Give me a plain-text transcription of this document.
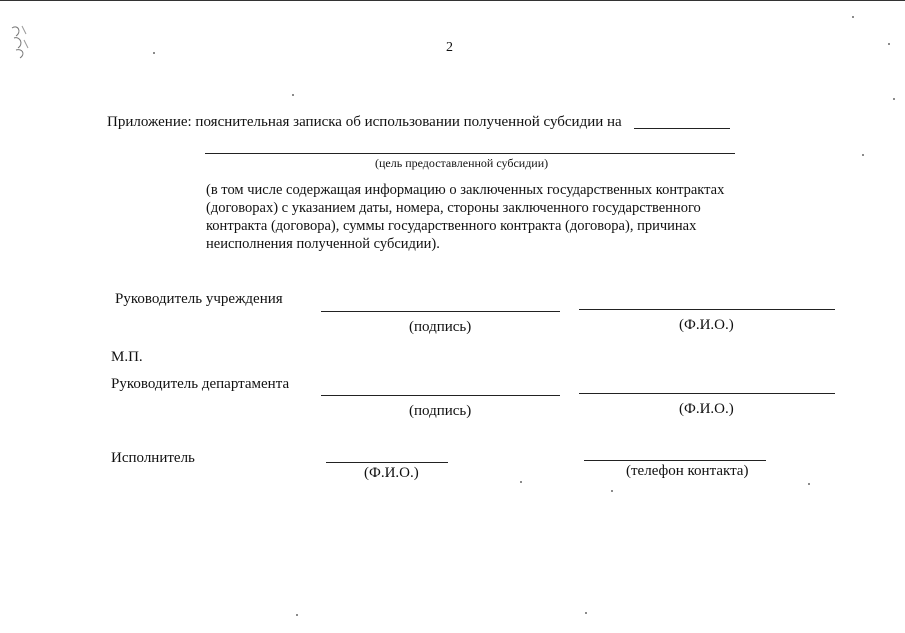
2
Приложение: пояснительная записка об использовании полученной субсидии на
(цель предоставленной субсидии)
(в том числе содержащая информацию о заключенных государственных контрактах
(договорах) с указанием даты, номера, стороны заключенного государственного
контракта (договора), суммы государственного контракта (договора), причинах
неисполнения полученной субсидии).
Руководитель учреждения
(подпись)	(Ф.И.О.)
М.П.
Руководитель департамента
(подпись)	(Ф.И.О.)
Исполнитель
(Ф.И.О.)	(телефон контакта)
